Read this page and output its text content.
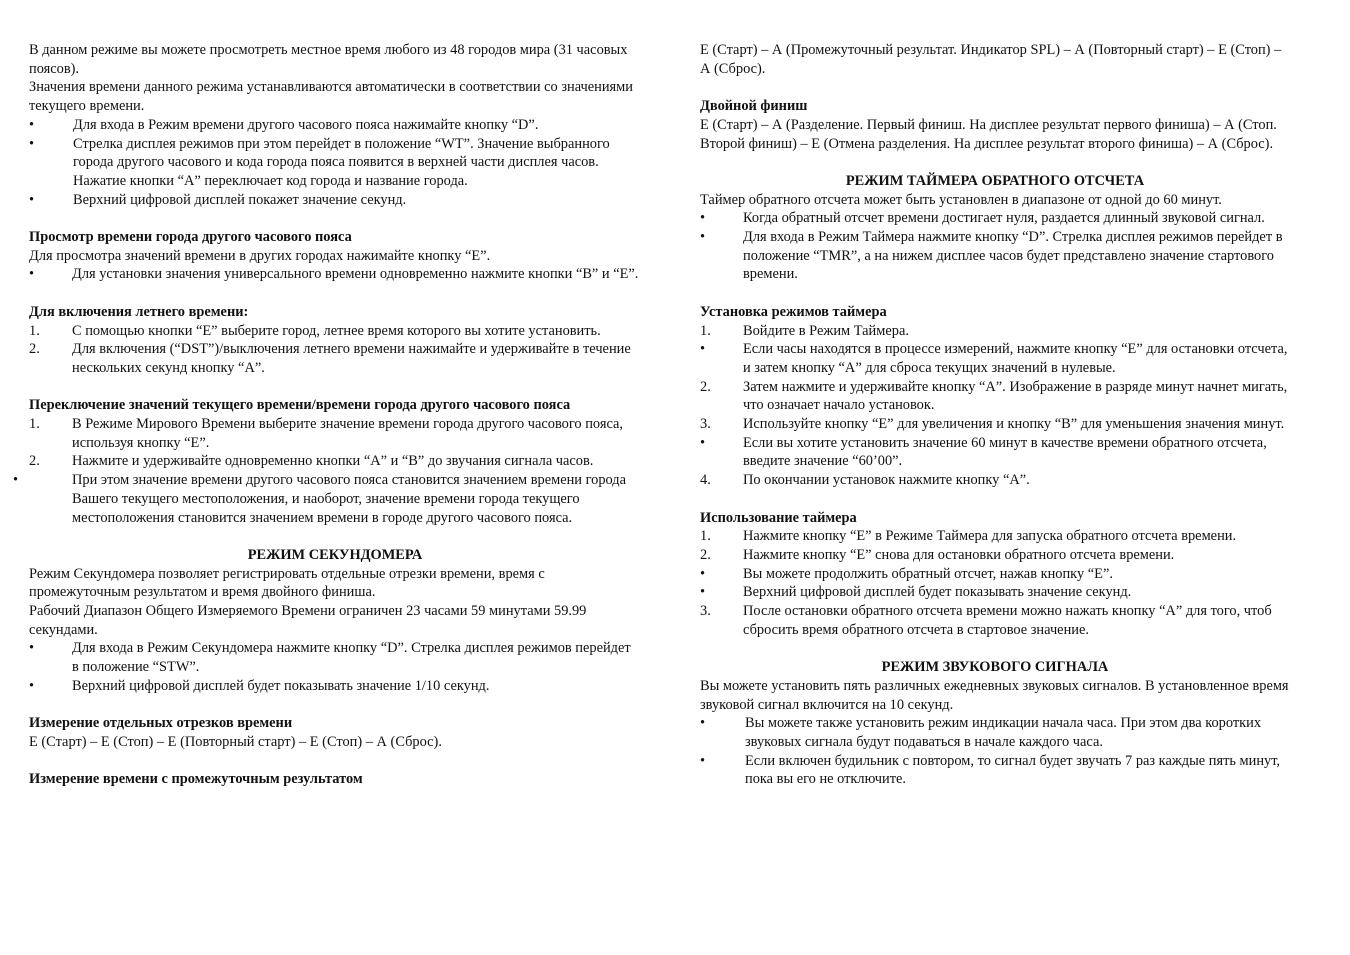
В данном режиме вы можете просмотреть местное время любого из 48 городов мира (31 часовых поясов).

Значения времени данного режима устанавливаются автоматически в соответствии со значениями текущего времени.

•	Для входа в Режим времени другого часового пояса нажимайте кнопку “D”.
•	Стрелка дисплея режимов при этом перейдет в положение “WT”. Значение выбранного города другого часового и кода города пояса появится в верхней части дисплея часов. Нажатие кнопки “А” переключает код города и название города.
•	Верхний цифровой дисплей покажет значение секунд.

Просмотр времени города другого часового пояса

Для просмотра значений времени в других городах нажимайте кнопку “E”.

•	Для установки значения универсального времени одновременно нажмите кнопки “B” и “E”.

Для включения летнего времени:

1. С помощью кнопки “E” выберите город, летнее время которого вы хотите установить.
2. Для включения (“DST”)/выключения летнего времени нажимайте и удерживайте в течение нескольких секунд кнопку “А”.

Переключение значений текущего времени/времени города другого часового пояса

1. В Режиме Мирового Времени выберите значение времени города другого часового пояса, используя кнопку “E”.
2. Нажмите и удерживайте одновременно кнопки “A” и “B” до звучания сигнала часов.
•	При этом значение времени другого часового пояса становится значением времени города Вашего текущего местоположения, и наоборот, значение времени города текущего местоположения становится значением времени в городе другого часового пояса.

РЕЖИМ СЕКУНДОМЕРА

Режим Секундомера позволяет регистрировать отдельные отрезки времени, время с промежуточным результатом и время двойного финиша.

Рабочий Диапазон Общего Измеряемого Времени ограничен 23 часами 59 минутами 59.99 секундами.

•	Для входа в Режим Секундомера нажмите кнопку “D”. Стрелка дисплея режимов перейдет в положение “STW”.
•	Верхний цифровой дисплей будет показывать значение 1/10 секунд.

Измерение отдельных отрезков времени

Е (Старт) – Е (Стоп) – Е (Повторный старт) – Е (Стоп) – А (Сброс).

Измерение времени с промежуточным результатом

Е (Старт) – А (Промежуточный результат. Индикатор SPL) – А (Повторный старт) – Е (Стоп) – А (Сброс).

Двойной финиш

Е (Старт) – А (Разделение. Первый финиш. На дисплее результат первого финиша) – А (Стоп. Второй финиш) – Е (Отмена разделения. На дисплее результат второго финиша) – А (Сброс).

РЕЖИМ ТАЙМЕРА ОБРАТНОГО ОТСЧЕТА

Таймер обратного отсчета может быть установлен в диапазоне от одной до 60 минут.

•	Когда обратный отсчет времени достигает нуля, раздается длинный звуковой сигнал.
•	Для входа в Режим Таймера нажмите кнопку “D”. Стрелка дисплея режимов перейдет в положение “TMR”, а на нижем дисплее часов будет представлено значение стартового времени.

Установка режимов таймера

1. Войдите в Режим Таймера.
•	Если часы находятся в процессе измерений, нажмите кнопку “Е” для остановки отсчета, и затем кнопку “А” для сброса текущих значений в нулевые.
2. Затем нажмите и удерживайте кнопку “А”. Изображение в разряде минут начнет мигать, что означает начало установок.
3. Используйте кнопку “Е” для увеличения и кнопку “В” для уменьшения значения минут.
•	Если вы хотите установить значение 60 минут в качестве времени обратного отсчета, введите значение “60’00”.
4. По окончании установок нажмите кнопку “А”.

Использование таймера

1. Нажмите кнопку “Е” в Режиме Таймера для запуска обратного отсчета времени.
2. Нажмите кнопку “Е” снова для остановки обратного отсчета времени.
•	Вы можете продолжить обратный отсчет, нажав кнопку “Е”.
•	Верхний цифровой дисплей будет показывать значение секунд.
3. После остановки обратного отсчета времени можно нажать кнопку “А” для того, чтоб сбросить время обратного отсчета в стартовое значение.

РЕЖИМ ЗВУКОВОГО СИГНАЛА

Вы можете установить пять различных ежедневных звуковых сигналов. В установленное время звуковой сигнал включится на 10 секунд.

•	Вы можете также установить режим индикации начала часа. При этом два коротких звуковых сигнала будут подаваться в начале каждого часа.
•	Если включен будильник с повтором, то сигнал будет звучать 7 раз каждые пять минут, пока вы его не отключите.
